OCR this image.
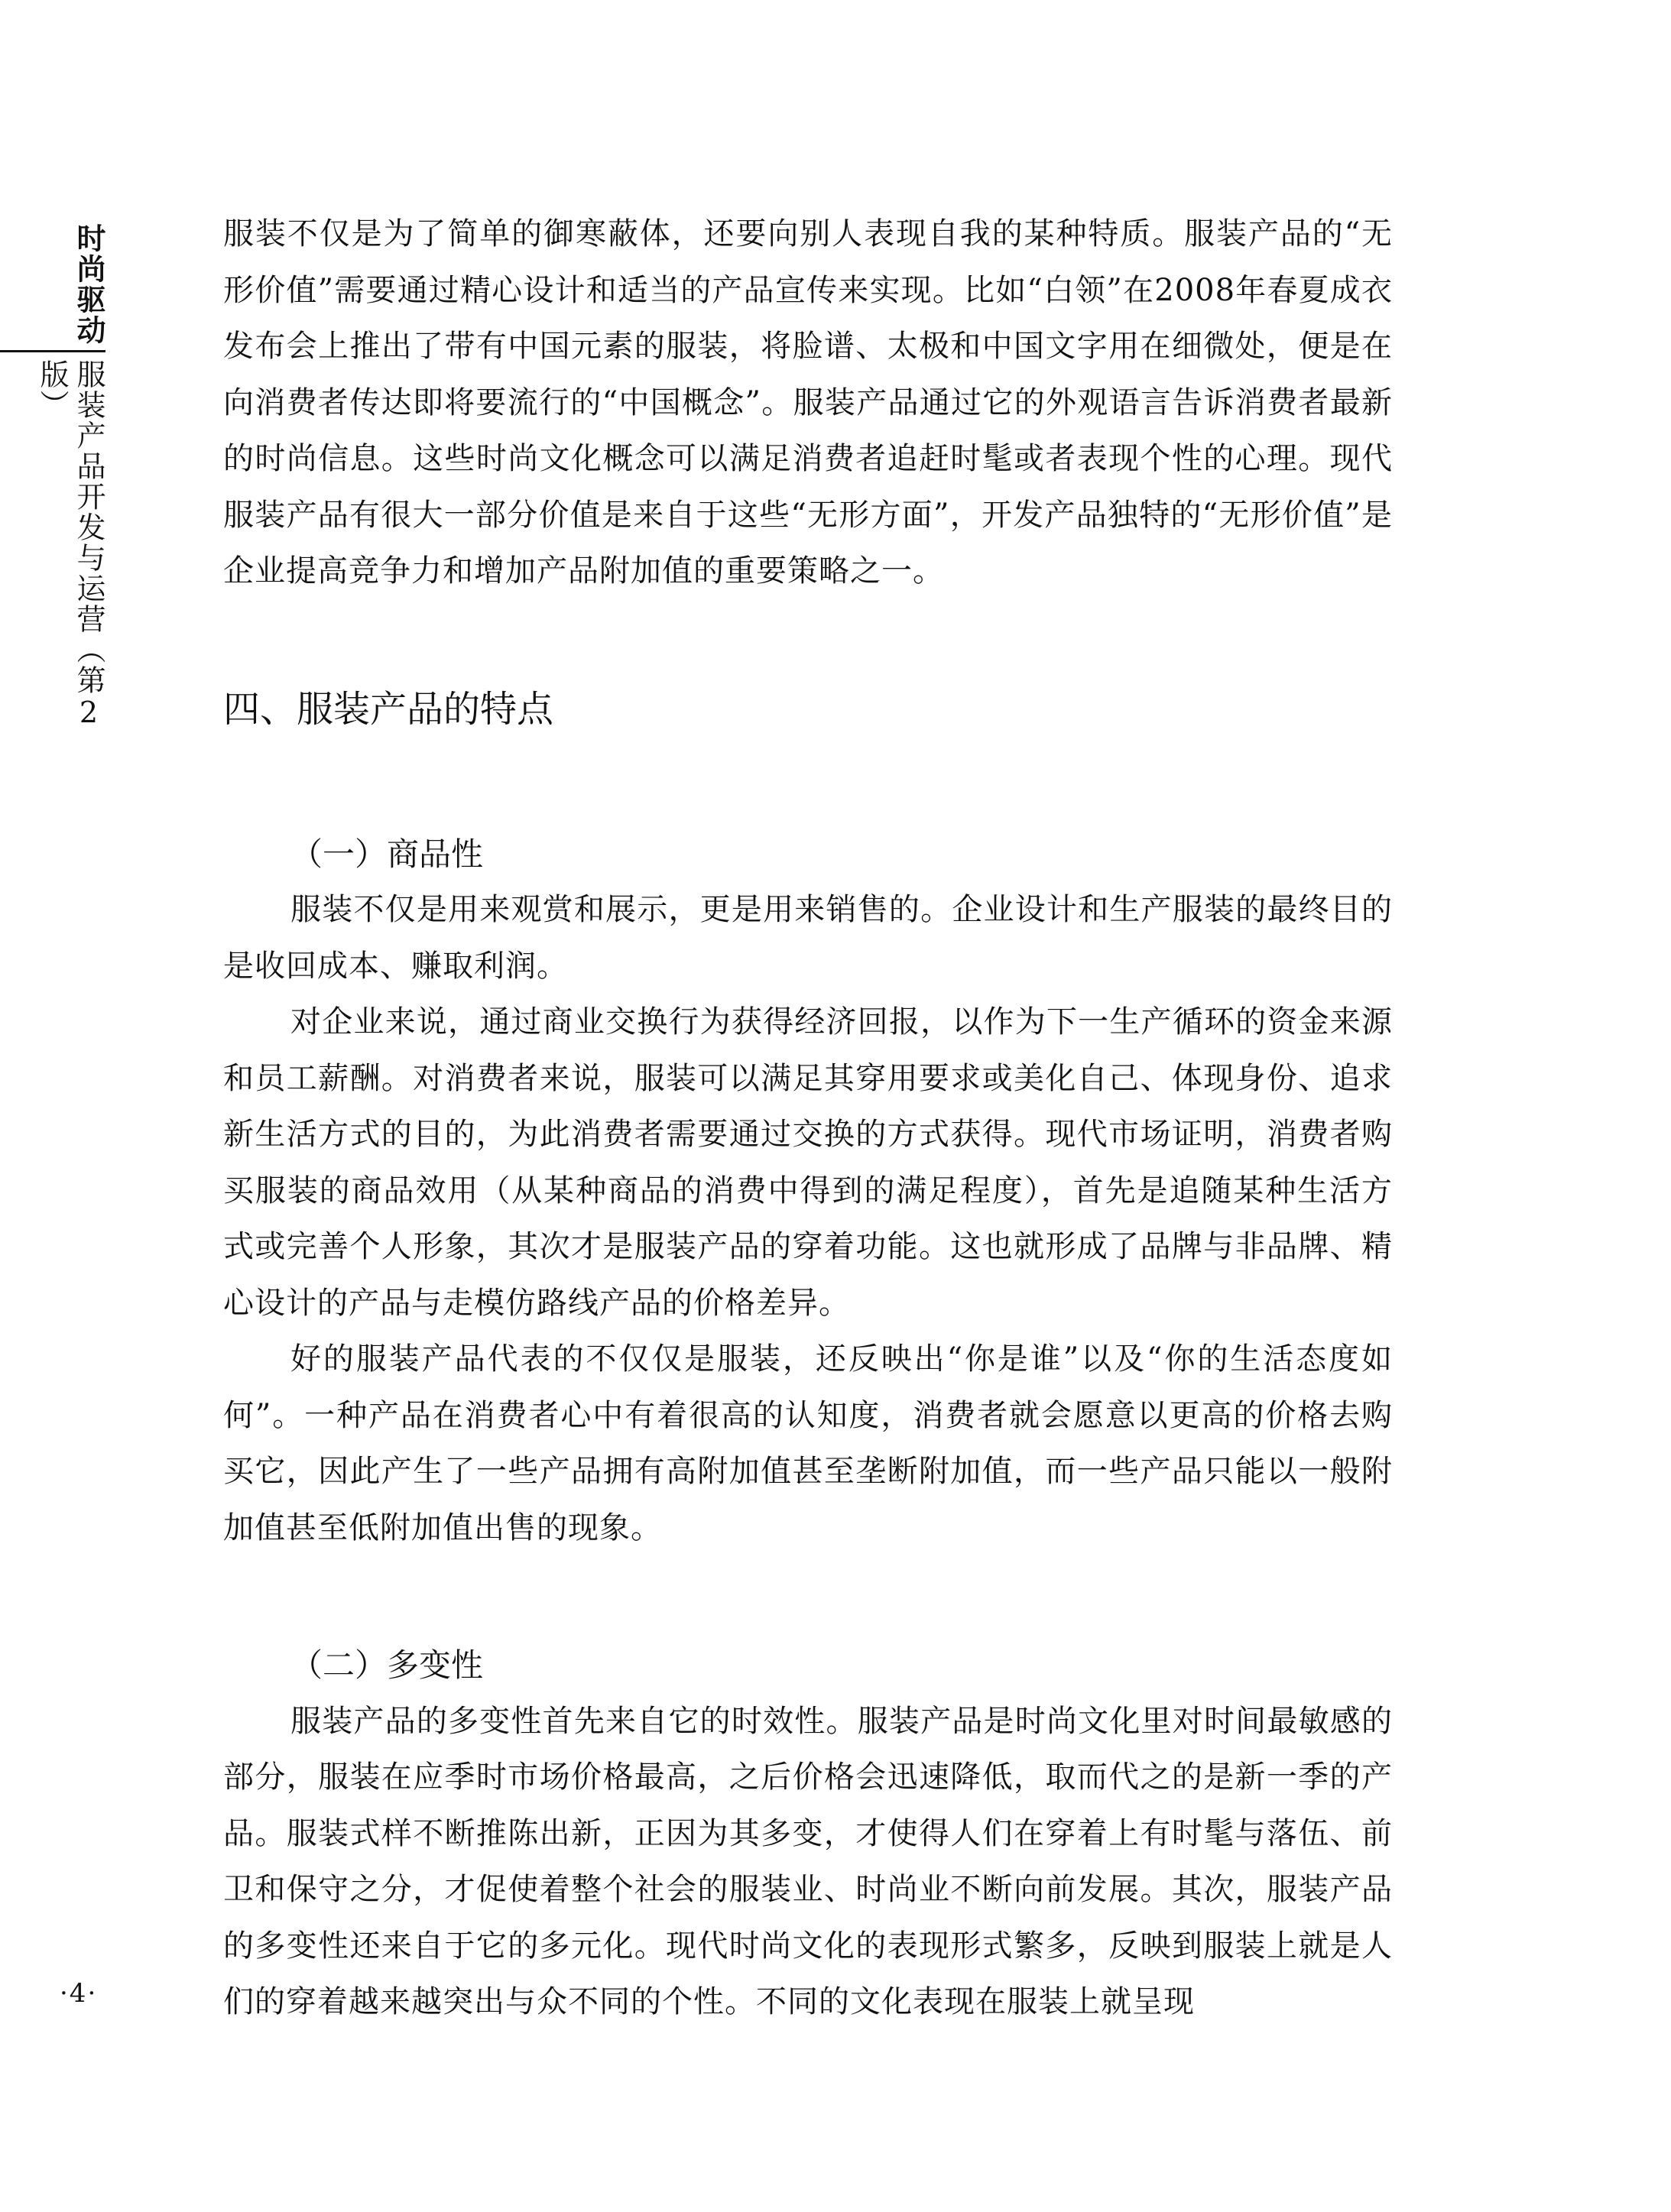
时尚驱动
服装产品开发与运营（第2版）
·4·

服装不仅是为了简单的御寒蔽体，还要向别人表现自我的某种特质。服装产品的“无形价值”需要通过精心设计和适当的产品宣传来实现。比如“白领”在2008年春夏成衣发布会上推出了带有中国元素的服装，将脸谱、太极和中国文字用在细微处，便是在向消费者传达即将要流行的“中国概念”。服装产品通过它的外观语言告诉消费者最新的时尚信息。这些时尚文化概念可以满足消费者追赶时髦或者表现个性的心理。现代服装产品有很大一部分价值是来自于这些“无形方面”，开发产品独特的“无形价值”是企业提高竞争力和增加产品附加值的重要策略之一。

四、服装产品的特点
（一）商品性

服装不仅是用来观赏和展示，更是用来销售的。企业设计和生产服装的最终目的是收回成本、赚取利润。

对企业来说，通过商业交换行为获得经济回报，以作为下一生产循环的资金来源和员工薪酬。对消费者来说，服装可以满足其穿用要求或美化自己、体现身份、追求新生活方式的目的，为此消费者需要通过交换的方式获得。现代市场证明，消费者购买服装的商品效用（从某种商品的消费中得到的满足程度），首先是追随某种生活方式或完善个人形象，其次才是服装产品的穿着功能。这也就形成了品牌与非品牌、精心设计的产品与走模仿路线产品的价格差异。

好的服装产品代表的不仅仅是服装，还反映出“你是谁”以及“你的生活态度如何”。一种产品在消费者心中有着很高的认知度，消费者就会愿意以更高的价格去购买它，因此产生了一些产品拥有高附加值甚至垄断附加值，而一些产品只能以一般附加值甚至低附加值出售的现象。

（二）多变性

服装产品的多变性首先来自它的时效性。服装产品是时尚文化里对时间最敏感的部分，服装在应季时市场价格最高，之后价格会迅速降低，取而代之的是新一季的产品。服装式样不断推陈出新，正因为其多变，才使得人们在穿着上有时髦与落伍、前卫和保守之分，才促使着整个社会的服装业、时尚业不断向前发展。其次，服装产品的多变性还来自于它的多元化。现代时尚文化的表现形式繁多，反映到服装上就是人们的穿着越来越突出与众不同的个性。不同的文化表现在服装上就呈现
